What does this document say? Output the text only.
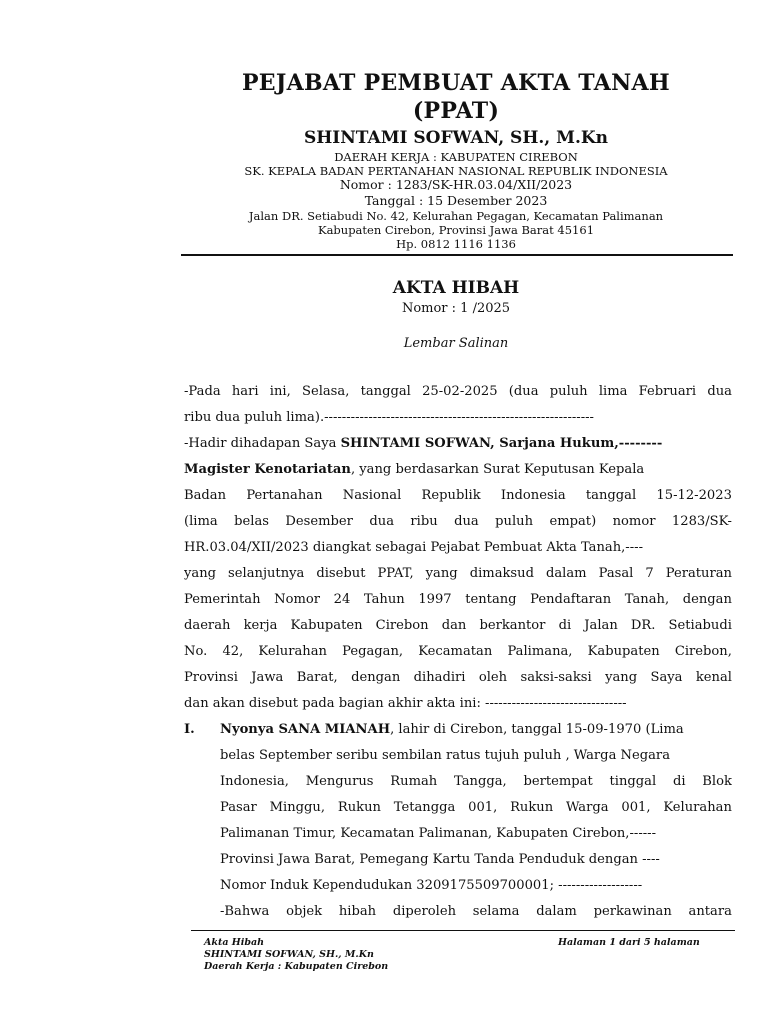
PEJABAT PEMBUAT AKTA TANAH
(PPAT)
SHINTAMI SOFWAN, SH., M.Kn
DAERAH KERJA : KABUPATEN CIREBON
SK. KEPALA BADAN PERTANAHAN NASIONAL REPUBLIK INDONESIA
Nomor : 1283/SK-HR.03.04/XII/2023
Tanggal : 15 Desember 2023
Jalan DR. Setiabudi No. 42, Kelurahan Pegagan, Kecamatan Palimanan
Kabupaten Cirebon, Provinsi Jawa Barat 45161
Hp. 0812 1116 1136
AKTA HIBAH
Nomor : 1 /2025
Lembar Salinan
-Pada hari ini, Selasa, tanggal 25-02-2025 (dua puluh lima Februari dua
ribu dua puluh lima).-------------------------------------------------------------
-Hadir dihadapan Saya SHINTAMI SOFWAN, Sarjana Hukum,--------
Magister Kenotariatan, yang berdasarkan Surat Keputusan Kepala
Badan Pertanahan Nasional Republik Indonesia tanggal 15-12-2023
(lima belas Desember dua ribu dua puluh empat) nomor 1283/SK-
HR.03.04/XII/2023 diangkat sebagai Pejabat Pembuat Akta Tanah,----
yang selanjutnya disebut PPAT, yang dimaksud dalam Pasal 7 Peraturan
Pemerintah Nomor 24 Tahun 1997 tentang Pendaftaran Tanah, dengan
daerah kerja Kabupaten Cirebon dan berkantor di Jalan DR. Setiabudi
No. 42, Kelurahan Pegagan, Kecamatan Palimana, Kabupaten Cirebon,
Provinsi Jawa Barat, dengan dihadiri oleh saksi-saksi yang Saya kenal
dan akan disebut pada bagian akhir akta ini: --------------------------------
I. Nyonya SANA MIANAH, lahir di Cirebon, tanggal 15-09-1970 (Lima
belas September seribu sembilan ratus tujuh puluh , Warga Negara
Indonesia, Mengurus Rumah Tangga, bertempat tinggal di Blok
Pasar Minggu, Rukun Tetangga 001, Rukun Warga 001, Kelurahan
Palimanan Timur, Kecamatan Palimanan, Kabupaten Cirebon,------
Provinsi Jawa Barat, Pemegang Kartu Tanda Penduduk dengan ----
Nomor Induk Kependudukan 3209175509700001; -------------------
-Bahwa objek hibah diperoleh selama dalam perkawinan antara
Akta Hibah
SHINTAMI SOFWAN, SH., M.Kn
Daerah Kerja : Kabupaten Cirebon
Halaman 1 dari 5 halaman
